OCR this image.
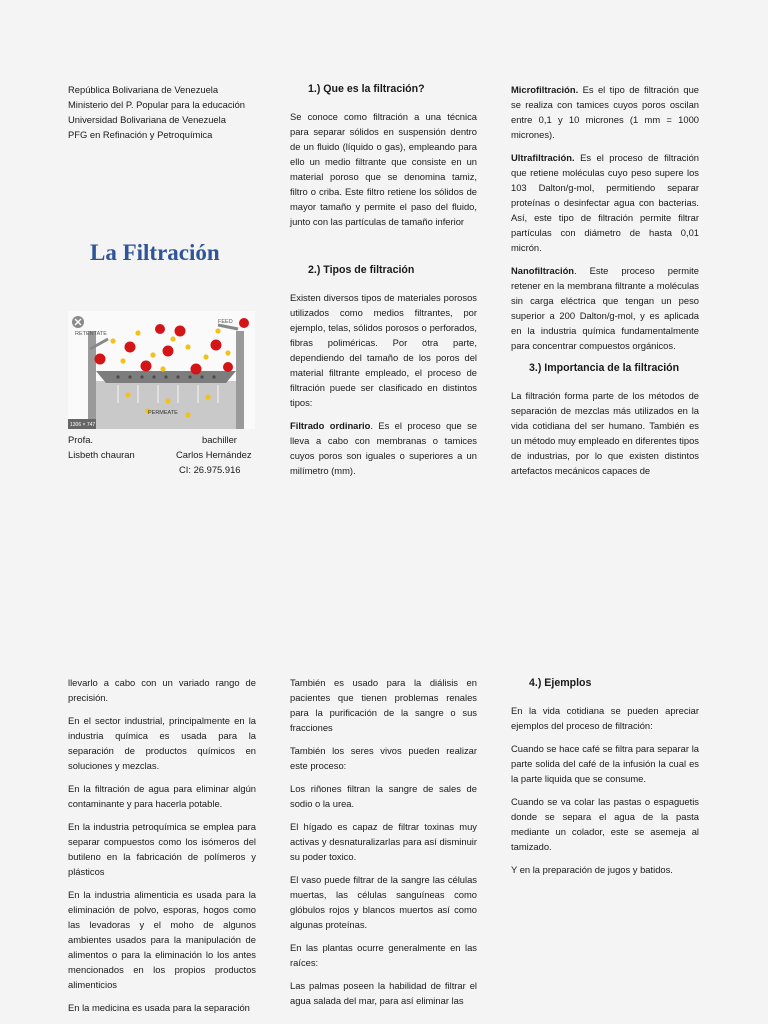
República Bolivariana de Venezuela
Ministerio del P. Popular para la educación
Universidad Bolivariana de Venezuela
PFG en Refinación y Petroquímica
La Filtración
RETENTATE
FEED
PERMEATE
1306 × 747
Profa.	bachiller
Lisbeth chauran	Carlos Hernández
CI: 26.975.916

1.) Que es la filtración?

Se conoce como filtración a una técnica para separar sólidos en suspensión dentro de un fluido (líquido o gas), empleando para ello un medio filtrante que consiste en un material poroso que se denomina tamiz, filtro o criba. Este filtro retiene los sólidos de mayor tamaño y permite el paso del fluido, junto con las partículas de tamaño inferior

2.) Tipos de filtración

Existen diversos tipos de materiales porosos utilizados como medios filtrantes, por ejemplo, telas, sólidos porosos o perforados, fibras poliméricas. Por otra parte, dependiendo del tamaño de los poros del material filtrante empleado, el proceso de filtración puede ser clasificado en distintos tipos:

Filtrado ordinario. Es el proceso que se lleva a cabo con membranas o tamices cuyos poros son iguales o superiores a un milímetro (mm).

Microfiltración. Es el tipo de filtración que se realiza con tamices cuyos poros oscilan entre 0,1 y 10 micrones (1 mm = 1000 micrones).

Ultrafiltración. Es el proceso de filtración que retiene moléculas cuyo peso supere los 103 Dalton/g-mol, permitiendo separar proteínas o desinfectar agua con bacterias. Así, este tipo de filtración permite filtrar partículas con diámetro de hasta 0,01 micrón.

Nanofiltración. Este proceso permite retener en la membrana filtrante a moléculas sin carga eléctrica que tengan un peso superior a 200 Dalton/g-mol, y es aplicada en la industria química fundamentalmente para concentrar compuestos orgánicos.

3.) Importancia de la filtración

La filtración forma parte de los métodos de separación de mezclas más utilizados en la vida cotidiana del ser humano. También es un método muy empleado en diferentes tipos de industrias, por lo que existen distintos artefactos mecánicos capaces de

llevarlo a cabo con un variado rango de precisión.

En el sector industrial, principalmente en la industria química es usada para la separación de productos químicos en soluciones y mezclas.

En la filtración de agua para eliminar algún contaminante y para hacerla potable.

En la industria petroquímica se emplea para separar compuestos como los isómeros del butileno en la fabricación de polímeros y plásticos

En la industria alimenticia es usada para la eliminación de polvo, esporas, hogos como las levadoras y el moho de algunos ambientes usados para la manipulación de alimentos o para la eliminación lo los antes mencionados en los propios productos alimenticios

En la medicina es usada para la separación

También es usado para la diálisis en pacientes que tienen problemas renales para la purificación de la sangre o sus fracciones

También los seres vivos pueden realizar este proceso:

Los riñones filtran la sangre de sales de sodio o la urea.

El hígado es capaz de filtrar toxinas muy activas y desnaturalizarlas para así disminuir su poder toxico.

El vaso puede filtrar de la sangre las células muertas, las células sanguíneas como glóbulos rojos y blancos muertos así como algunas proteínas.

En las plantas ocurre generalmente en las raíces:

Las palmas poseen la habilidad de filtrar el agua salada del mar, para así eliminar las

4.) Ejemplos

En la vida cotidiana se pueden apreciar ejemplos del proceso de filtración:

Cuando se hace café se filtra para separar la parte solida del café de la infusión la cual es la parte liquida que se consume.

Cuando se va colar las pastas o espaguetis donde se separa el agua de la pasta mediante un colador, este se asemeja al tamizado.

Y en la preparación de jugos y batidos.
